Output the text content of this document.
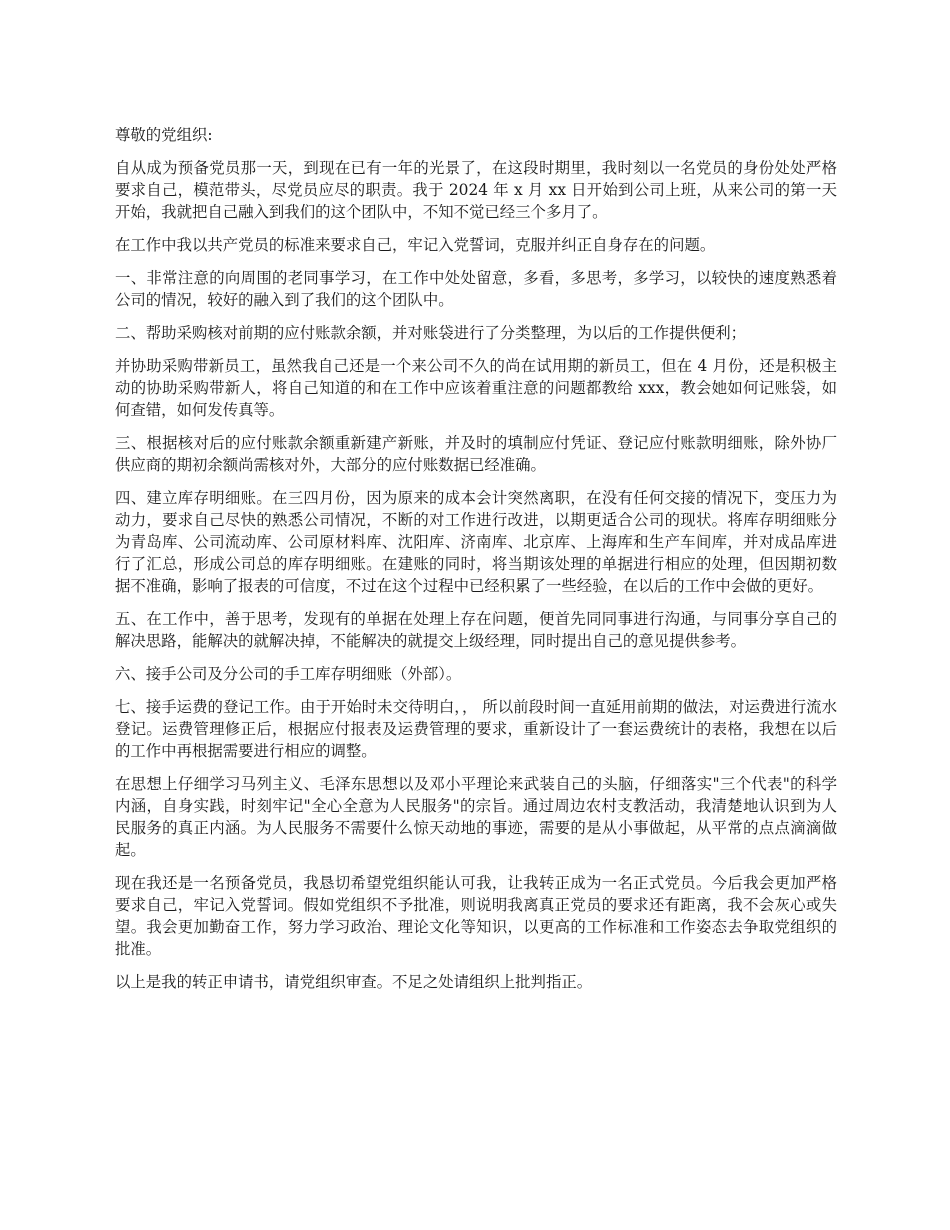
尊敬的党组织:

自从成为预备党员那一天，到现在已有一年的光景了，在这段时期里，我时刻以一名党员的身份处处严格要求自己，模范带头，尽党员应尽的职责。我于 2024 年 x 月 xx 日开始到公司上班，从来公司的第一天开始，我就把自己融入到我们的这个团队中，不知不觉已经三个多月了。

在工作中我以共产党员的标准来要求自己，牢记入党誓词，克服并纠正自身存在的问题。

一、非常注意的向周围的老同事学习，在工作中处处留意，多看，多思考，多学习，以较快的速度熟悉着公司的情况，较好的融入到了我们的这个团队中。

二、帮助采购核对前期的应付账款余额，并对账袋进行了分类整理，为以后的工作提供便利；

并协助采购带新员工，虽然我自己还是一个来公司不久的尚在试用期的新员工，但在 4 月份，还是积极主动的协助采购带新人，将自己知道的和在工作中应该着重注意的问题都教给 xxx，教会她如何记账袋，如何查错，如何发传真等。

三、根据核对后的应付账款余额重新建产新账，并及时的填制应付凭证、登记应付账款明细账，除外协厂供应商的期初余额尚需核对外，大部分的应付账数据已经准确。

四、建立库存明细账。在三四月份，因为原来的成本会计突然离职，在没有任何交接的情况下，变压力为动力，要求自己尽快的熟悉公司情况，不断的对工作进行改进，以期更适合公司的现状。将库存明细账分为青岛库、公司流动库、公司原材料库、沈阳库、济南库、北京库、上海库和生产车间库，并对成品库进行了汇总，形成公司总的库存明细账。在建账的同时，将当期该处理的单据进行相应的处理，但因期初数据不准确，影响了报表的可信度，不过在这个过程中已经积累了一些经验，在以后的工作中会做的更好。

五、在工作中，善于思考，发现有的单据在处理上存在问题，便首先同同事进行沟通，与同事分享自己的解决思路，能解决的就解决掉，不能解决的就提交上级经理，同时提出自己的意见提供参考。

六、接手公司及分公司的手工库存明细账（外部）。

七、接手运费的登记工作。由于开始时未交待明白，， 所以前段时间一直延用前期的做法，对运费进行流水登记。运费管理修正后，根据应付报表及运费管理的要求，重新设计了一套运费统计的表格，我想在以后的工作中再根据需要进行相应的调整。

在思想上仔细学习马列主义、毛泽东思想以及邓小平理论来武装自己的头脑，仔细落实"三个代表"的科学内涵，自身实践，时刻牢记"全心全意为人民服务"的宗旨。通过周边农村支教活动，我清楚地认识到为人民服务的真正内涵。为人民服务不需要什么惊天动地的事迹，需要的是从小事做起，从平常的点点滴滴做起。

现在我还是一名预备党员，我恳切希望党组织能认可我，让我转正成为一名正式党员。今后我会更加严格要求自己，牢记入党誓词。假如党组织不予批准，则说明我离真正党员的要求还有距离，我不会灰心或失望。我会更加勤奋工作，努力学习政治、理论文化等知识，以更高的工作标准和工作姿态去争取党组织的批准。

以上是我的转正申请书，请党组织审查。不足之处请组织上批判指正。
